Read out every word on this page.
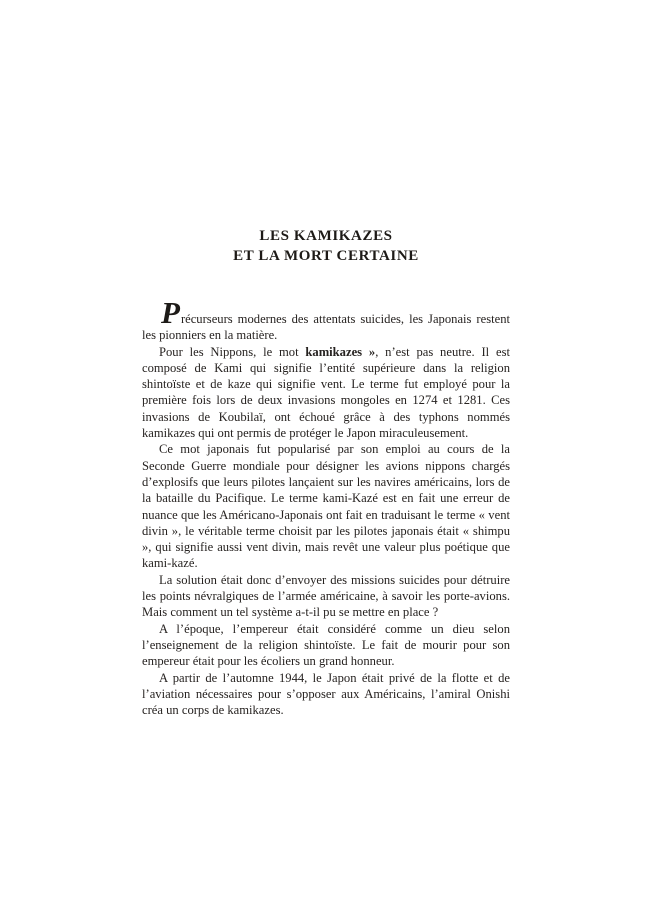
LES KAMIKAZES
ET LA MORT CERTAINE

Précurseurs modernes des attentats suicides, les Japonais restent les pionniers en la matière.

Pour les Nippons, le mot kamikazes », n’est pas neutre. Il est composé de Kami qui signifie l’entité supérieure dans la religion shintoïste et de kaze qui signifie vent. Le terme fut employé pour la première fois lors de deux invasions mongoles en 1274 et 1281. Ces invasions de Koubilaï, ont échoué grâce à des typhons nommés kamikazes qui ont permis de protéger le Japon miraculeusement.

Ce mot japonais fut popularisé par son emploi au cours de la Seconde Guerre mondiale pour désigner les avions nippons chargés d’explosifs que leurs pilotes lançaient sur les navires américains, lors de la bataille du Pacifique. Le terme kami-Kazé est en fait une erreur de nuance que les Américano-Japonais ont fait en traduisant le terme « vent divin », le véritable terme choisit par les pilotes japonais était « shimpu », qui signifie aussi vent divin, mais revêt une valeur plus poétique que kami-kazé.

La solution était donc d’envoyer des missions suicides pour détruire les points névralgiques de l’armée américaine, à savoir les porte-avions. Mais comment un tel système a-t-il pu se mettre en place ?

A l’époque, l’empereur était considéré comme un dieu selon l’enseignement de la religion shintoïste. Le fait de mourir pour son empereur était pour les écoliers un grand honneur.

A partir de l’automne 1944, le Japon était privé de la flotte et de l’aviation nécessaires pour s’opposer aux Américains, l’amiral Onishi créa un corps de kamikazes.
